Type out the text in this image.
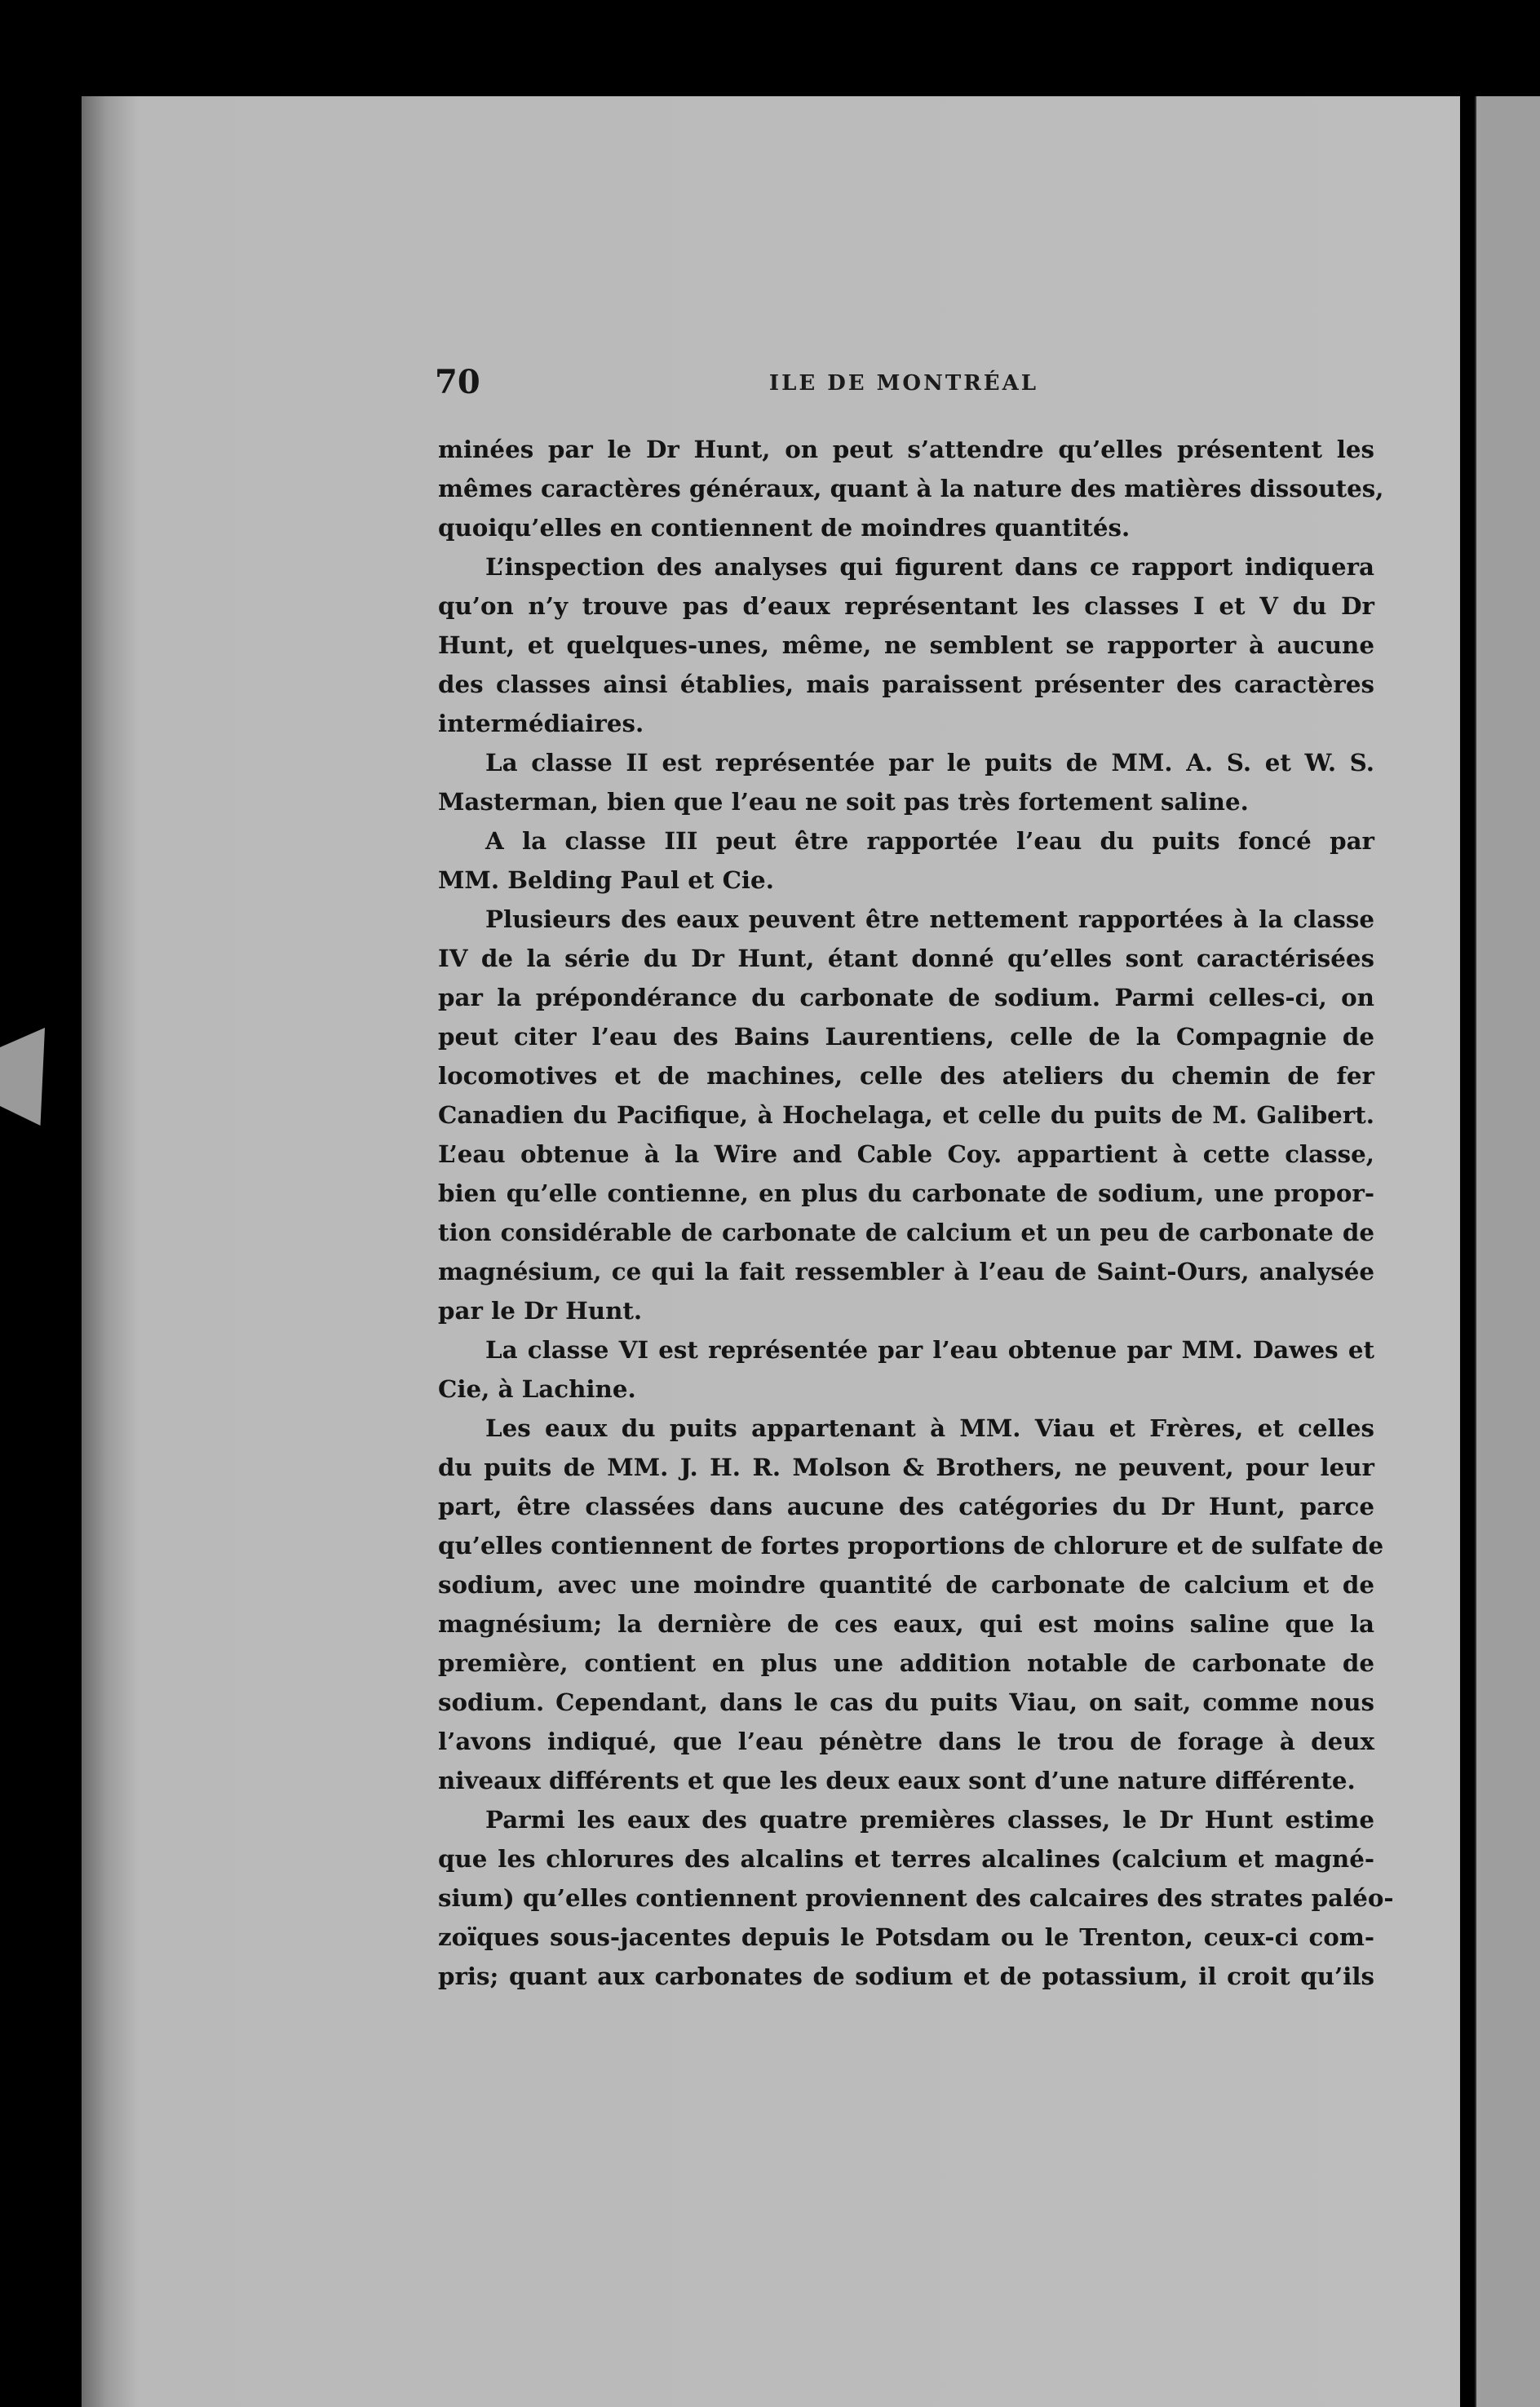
70	ILE DE MONTRÉAL
minées par le Dr Hunt, on peut s’attendre qu’elles présentent les
mêmes caractères généraux, quant à la nature des matières dissoutes,
quoiqu’elles en contiennent de moindres quantités.
L’inspection des analyses qui figurent dans ce rapport indiquera
qu’on n’y trouve pas d’eaux représentant les classes I et V du Dr
Hunt, et quelques-unes, même, ne semblent se rapporter à aucune
des classes ainsi établies, mais paraissent présenter des caractères
intermédiaires.
La classe II est représentée par le puits de MM. A. S. et W. S.
Masterman, bien que l’eau ne soit pas très fortement saline.
A la classe III peut être rapportée l’eau du puits foncé par
MM. Belding Paul et Cie.
Plusieurs des eaux peuvent être nettement rapportées à la classe
IV de la série du Dr Hunt, étant donné qu’elles sont caractérisées
par la prépondérance du carbonate de sodium. Parmi celles-ci, on
peut citer l’eau des Bains Laurentiens, celle de la Compagnie de
locomotives et de machines, celle des ateliers du chemin de fer
Canadien du Pacifique, à Hochelaga, et celle du puits de M. Galibert.
L’eau obtenue à la Wire and Cable Coy. appartient à cette classe,
bien qu’elle contienne, en plus du carbonate de sodium, une propor-
tion considérable de carbonate de calcium et un peu de carbonate de
magnésium, ce qui la fait ressembler à l’eau de Saint-Ours, analysée
par le Dr Hunt.
La classe VI est représentée par l’eau obtenue par MM. Dawes et
Cie, à Lachine.
Les eaux du puits appartenant à MM. Viau et Frères, et celles
du puits de MM. J. H. R. Molson & Brothers, ne peuvent, pour leur
part, être classées dans aucune des catégories du Dr Hunt, parce
qu’elles contiennent de fortes proportions de chlorure et de sulfate de
sodium, avec une moindre quantité de carbonate de calcium et de
magnésium; la dernière de ces eaux, qui est moins saline que la
première, contient en plus une addition notable de carbonate de
sodium. Cependant, dans le cas du puits Viau, on sait, comme nous
l’avons indiqué, que l’eau pénètre dans le trou de forage à deux
niveaux différents et que les deux eaux sont d’une nature différente.
Parmi les eaux des quatre premières classes, le Dr Hunt estime
que les chlorures des alcalins et terres alcalines (calcium et magné-
sium) qu’elles contiennent proviennent des calcaires des strates paléo-
zoïques sous-jacentes depuis le Potsdam ou le Trenton, ceux-ci com-
pris; quant aux carbonates de sodium et de potassium, il croit qu’ils
